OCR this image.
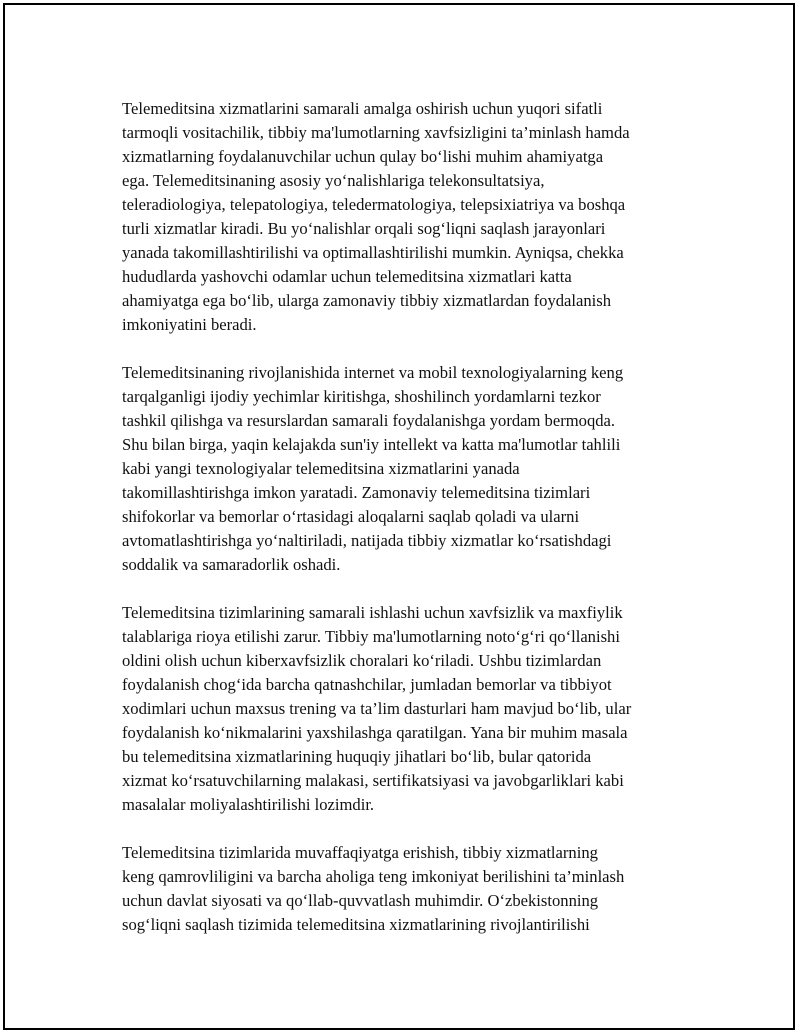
Telemeditsina xizmatlarini samarali amalga oshirish uchun yuqori sifatli
tarmoqli vositachilik, tibbiy ma'lumotlarning xavfsizligini ta’minlash hamda
xizmatlarning foydalanuvchilar uchun qulay bo‘lishi muhim ahamiyatga
ega. Telemeditsinaning asosiy yo‘nalishlariga telekonsultatsiya,
teleradiologiya, telepatologiya, teledermatologiya, telepsixiatriya va boshqa
turli xizmatlar kiradi. Bu yo‘nalishlar orqali sog‘liqni saqlash jarayonlari
yanada takomillashtirilishi va optimallashtirilishi mumkin. Ayniqsa, chekka
hududlarda yashovchi odamlar uchun telemeditsina xizmatlari katta
ahamiyatga ega bo‘lib, ularga zamonaviy tibbiy xizmatlardan foydalanish
imkoniyatini beradi.

Telemeditsinaning rivojlanishida internet va mobil texnologiyalarning keng
tarqalganligi ijodiy yechimlar kiritishga, shoshilinch yordamlarni tezkor
tashkil qilishga va resurslardan samarali foydalanishga yordam bermoqda.
Shu bilan birga, yaqin kelajakda sun'iy intellekt va katta ma'lumotlar tahlili
kabi yangi texnologiyalar telemeditsina xizmatlarini yanada
takomillashtirishga imkon yaratadi. Zamonaviy telemeditsina tizimlari
shifokorlar va bemorlar o‘rtasidagi aloqalarni saqlab qoladi va ularni
avtomatlashtirishga yo‘naltiriladi, natijada tibbiy xizmatlar ko‘rsatishdagi
soddalik va samaradorlik oshadi.

Telemeditsina tizimlarining samarali ishlashi uchun xavfsizlik va maxfiylik
talablariga rioya etilishi zarur. Tibbiy ma'lumotlarning noto‘g‘ri qo‘llanishi
oldini olish uchun kiberxavfsizlik choralari ko‘riladi. Ushbu tizimlardan
foydalanish chog‘ida barcha qatnashchilar, jumladan bemorlar va tibbiyot
xodimlari uchun maxsus trening va ta’lim dasturlari ham mavjud bo‘lib, ular
foydalanish ko‘nikmalarini yaxshilashga qaratilgan. Yana bir muhim masala
bu telemeditsina xizmatlarining huquqiy jihatlari bo‘lib, bular qatorida
xizmat ko‘rsatuvchilarning malakasi, sertifikatsiyasi va javobgarliklari kabi
masalalar moliyalashtirilishi lozimdir.

Telemeditsina tizimlarida muvaffaqiyatga erishish, tibbiy xizmatlarning
keng qamrovliligini va barcha aholiga teng imkoniyat berilishini ta’minlash
uchun davlat siyosati va qo‘llab-quvvatlash muhimdir. O‘zbekistonning
sog‘liqni saqlash tizimida telemeditsina xizmatlarining rivojlantirilishi
